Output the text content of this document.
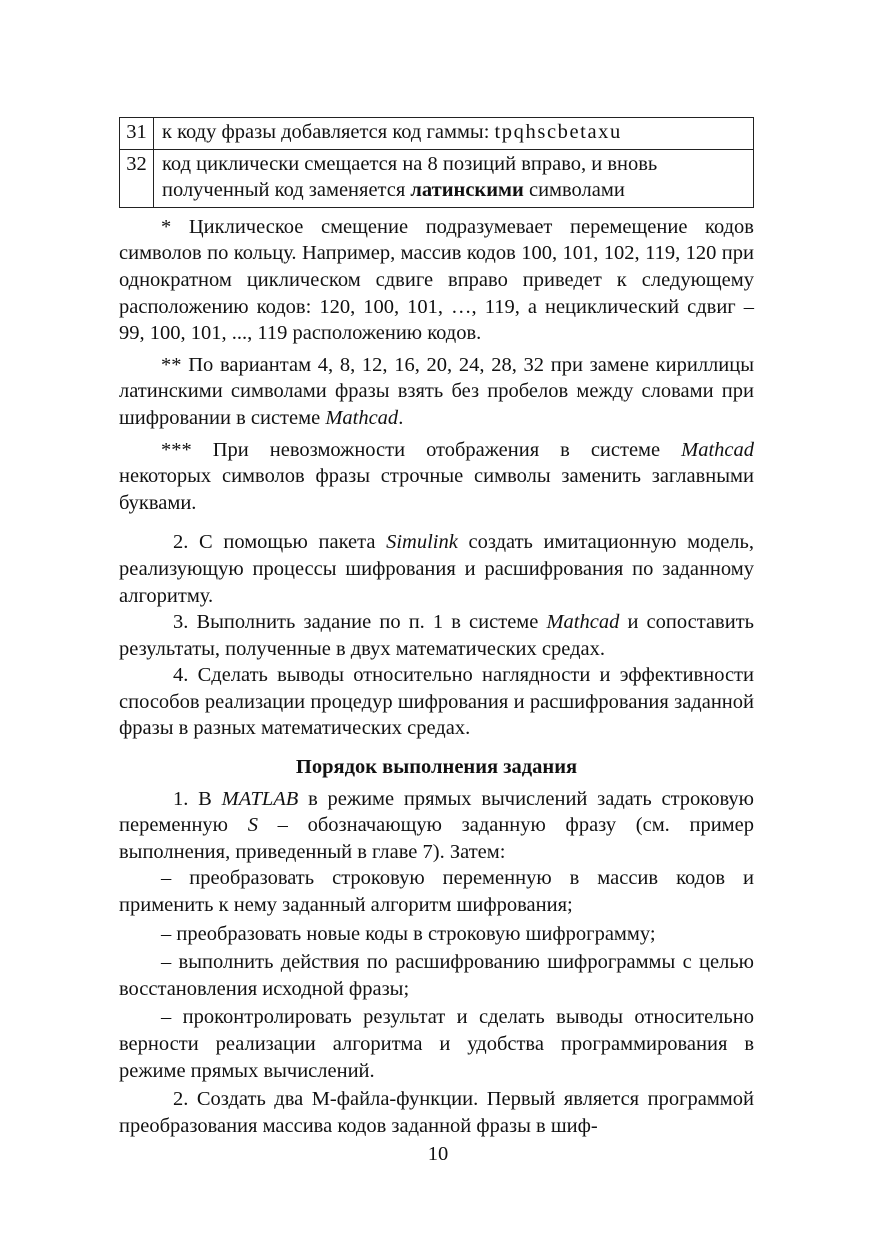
31	к коду фразы добавляется код гаммы: tpqhscbetaxu
32	код циклически смещается на 8 позиций вправо, и вновь полученный код заменяется латинскими символами

* Циклическое смещение подразумевает перемещение кодов символов по кольцу. Например, массив кодов 100, 101, 102, 119, 120 при однократном циклическом сдвиге вправо приведет к следующему расположению кодов: 120, 100, 101, …, 119, а нециклический сдвиг – 99, 100, 101, ..., 119 расположению кодов.

** По вариантам 4, 8, 12, 16, 20, 24, 28, 32 при замене кириллицы латинскими символами фразы взять без пробелов между словами при шифровании в системе Mathcad.

*** При невозможности отображения в системе Mathcad некоторых символов фразы строчные символы заменить заглавными буквами.

2. С помощью пакета Simulink создать имитационную модель, реализующую процессы шифрования и расшифрования по заданному алгоритму.

3. Выполнить задание по п. 1 в системе Mathcad и сопоставить результаты, полученные в двух математических средах.

4. Сделать выводы относительно наглядности и эффективности способов реализации процедур шифрования и расшифрования заданной фразы в разных математических средах.

Порядок выполнения задания

1. В MATLAB в режиме прямых вычислений задать строковую переменную S – обозначающую заданную фразу (см. пример выполнения, приведенный в главе 7). Затем:

– преобразовать строковую переменную в массив кодов и применить к нему заданный алгоритм шифрования;

– преобразовать новые коды в строковую шифрограмму;

– выполнить действия по расшифрованию шифрограммы с целью восстановления исходной фразы;

– проконтролировать результат и сделать выводы относительно верности реализации алгоритма и удобства программирования в режиме прямых вычислений.

2. Создать два М-файла-функции. Первый является программой преобразования массива кодов заданной фразы в шиф-

10
